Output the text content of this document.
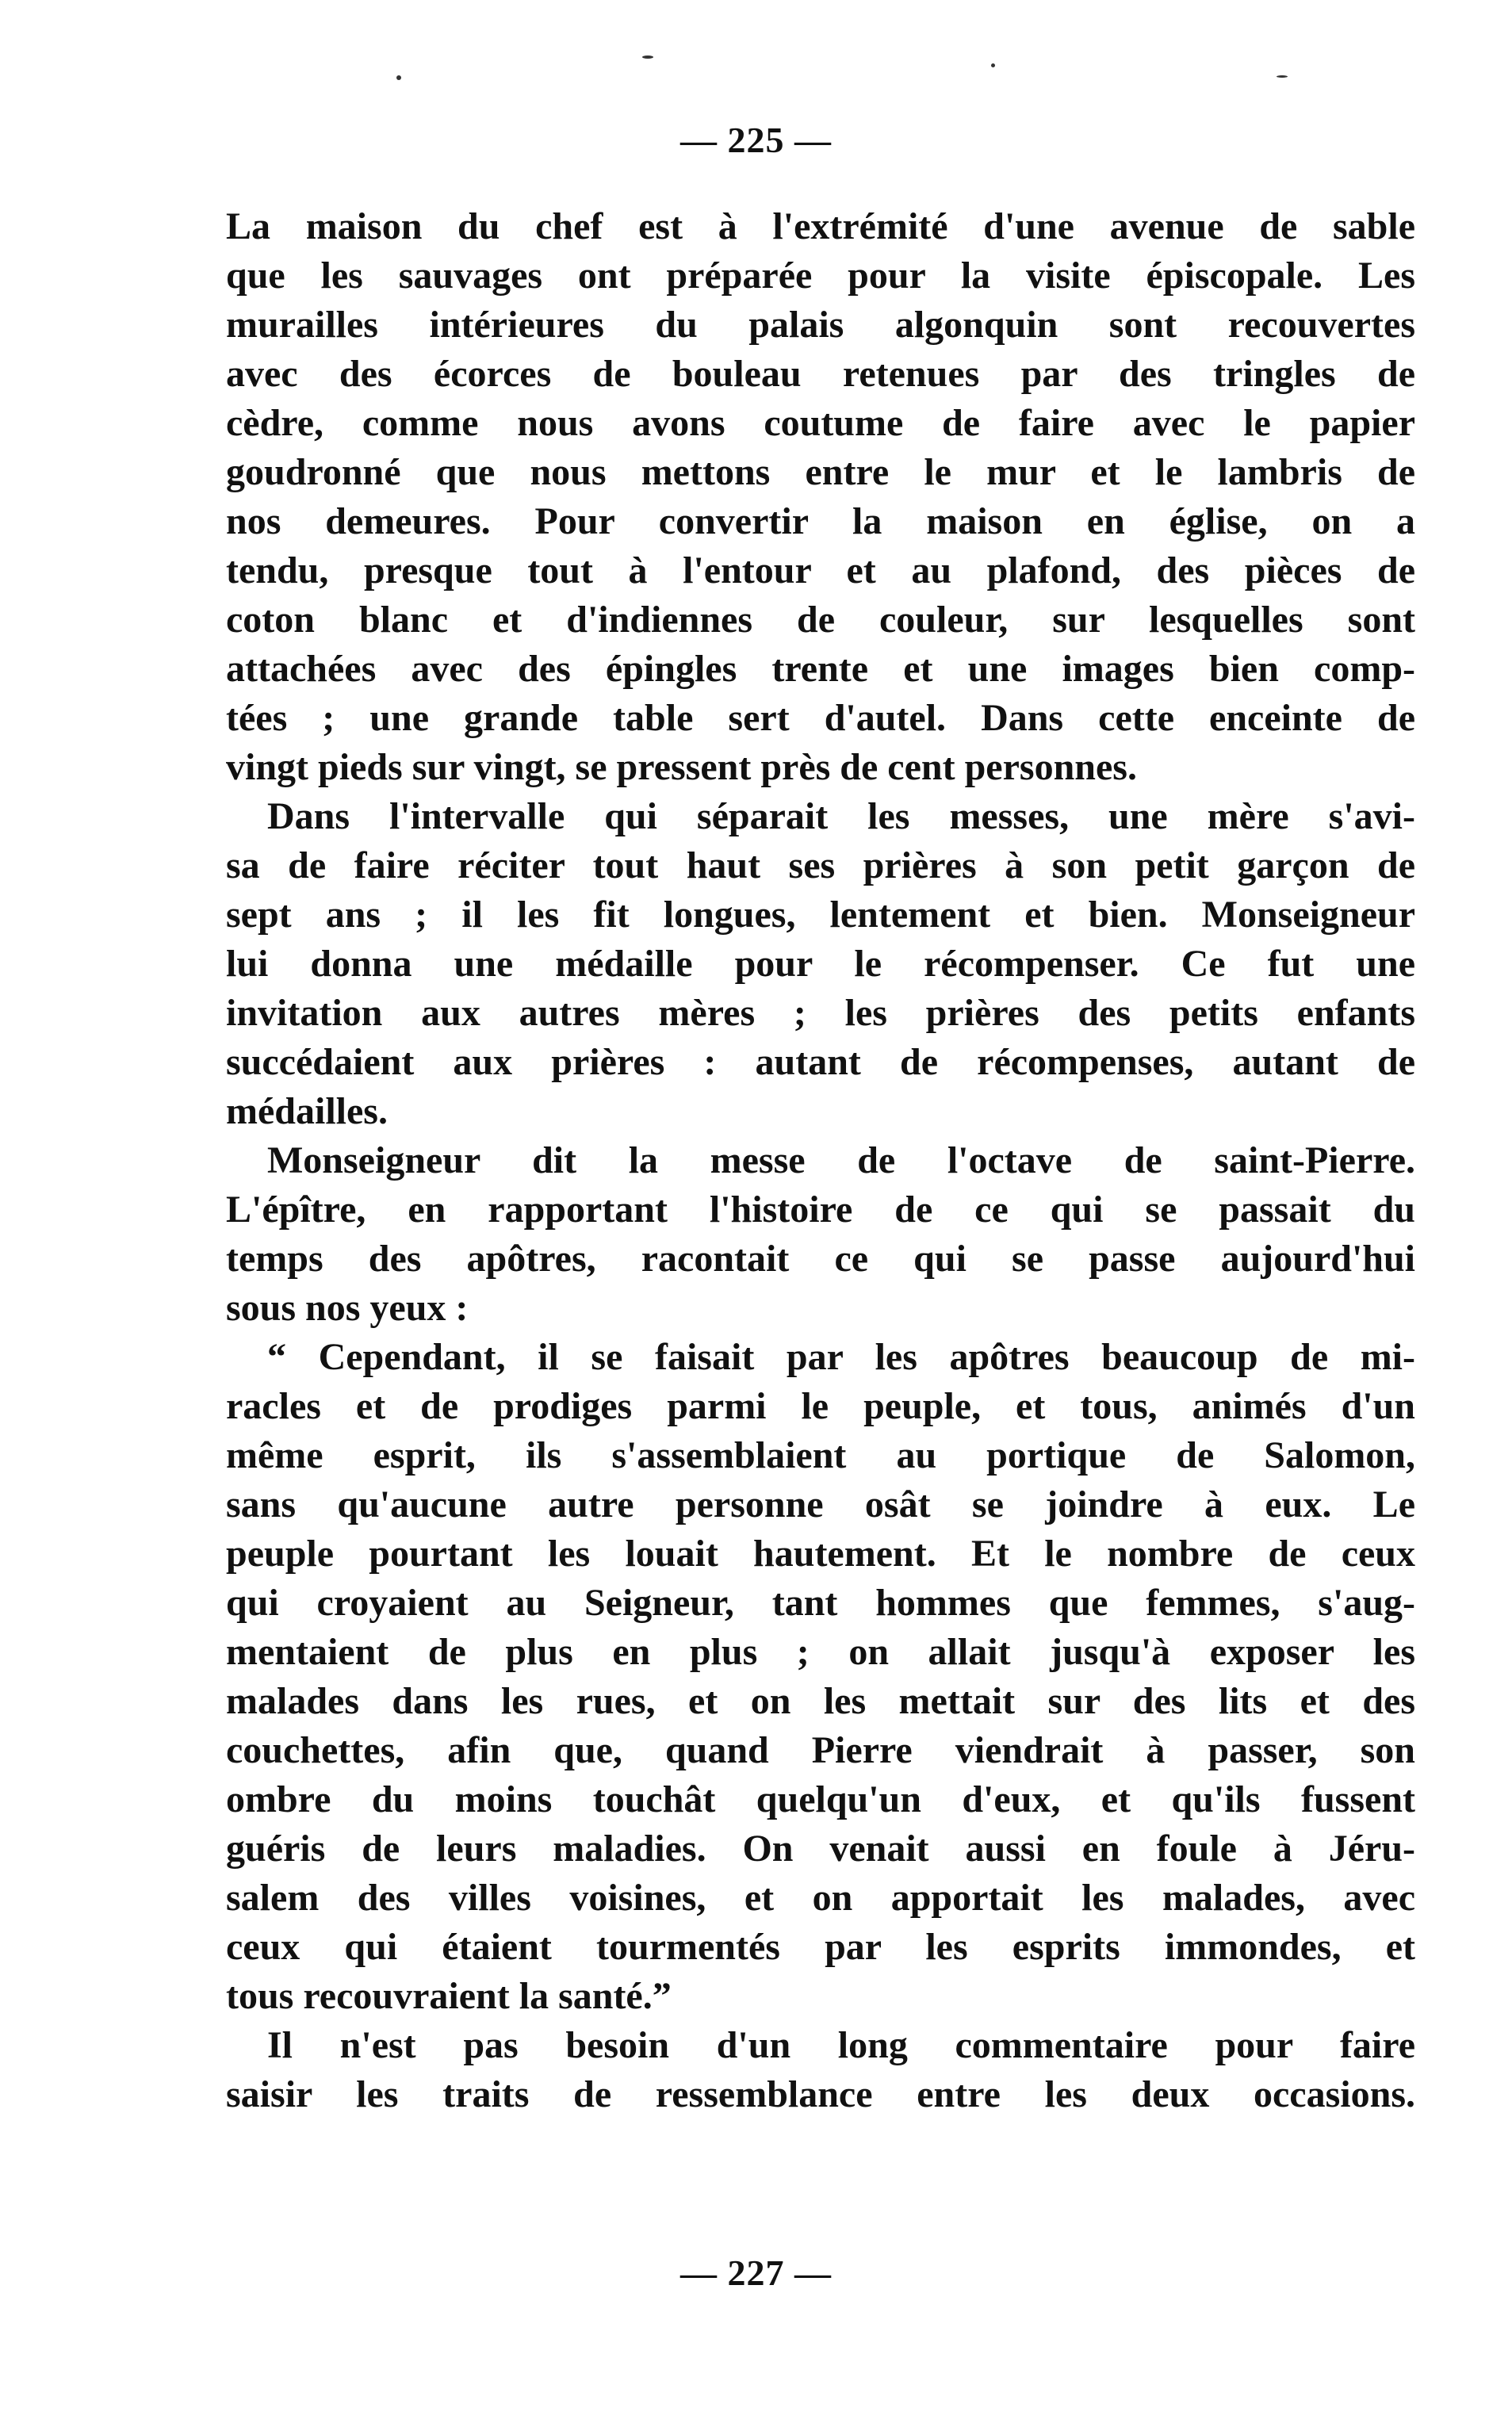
— 225 —
La maison du chef est à l'extrémité d'une avenue de sable
que les sauvages ont préparée pour la visite épiscopale. Les
murailles intérieures du palais algonquin sont recouvertes
avec des écorces de bouleau retenues par des tringles de
cèdre, comme nous avons coutume de faire avec le papier
goudronné que nous mettons entre le mur et le lambris de
nos demeures. Pour convertir la maison en église, on a
tendu, presque tout à l'entour et au plafond, des pièces de
coton blanc et d'indiennes de couleur, sur lesquelles sont
attachées avec des épingles trente et une images bien comp-
tées ; une grande table sert d'autel. Dans cette enceinte de
vingt pieds sur vingt, se pressent près de cent personnes.
Dans l'intervalle qui séparait les messes, une mère s'avi-
sa de faire réciter tout haut ses prières à son petit garçon de
sept ans ; il les fit longues, lentement et bien. Monseigneur
lui donna une médaille pour le récompenser. Ce fut une
invitation aux autres mères ; les prières des petits enfants
succédaient aux prières : autant de récompenses, autant de
médailles.
Monseigneur dit la messe de l'octave de saint-Pierre.
L'épître, en rapportant l'histoire de ce qui se passait du
temps des apôtres, racontait ce qui se passe aujourd'hui
sous nos yeux :
“ Cependant, il se faisait par les apôtres beaucoup de mi-
racles et de prodiges parmi le peuple, et tous, animés d'un
même esprit, ils s'assemblaient au portique de Salomon,
sans qu'aucune autre personne osât se joindre à eux. Le
peuple pourtant les louait hautement. Et le nombre de ceux
qui croyaient au Seigneur, tant hommes que femmes, s'aug-
mentaient de plus en plus ; on allait jusqu'à exposer les
malades dans les rues, et on les mettait sur des lits et des
couchettes, afin que, quand Pierre viendrait à passer, son
ombre du moins touchât quelqu'un d'eux, et qu'ils fussent
guéris de leurs maladies. On venait aussi en foule à Jéru-
salem des villes voisines, et on apportait les malades, avec
ceux qui étaient tourmentés par les esprits immondes, et
tous recouvraient la santé.”
Il n'est pas besoin d'un long commentaire pour faire
saisir les traits de ressemblance entre les deux occasions.
— 227 —
